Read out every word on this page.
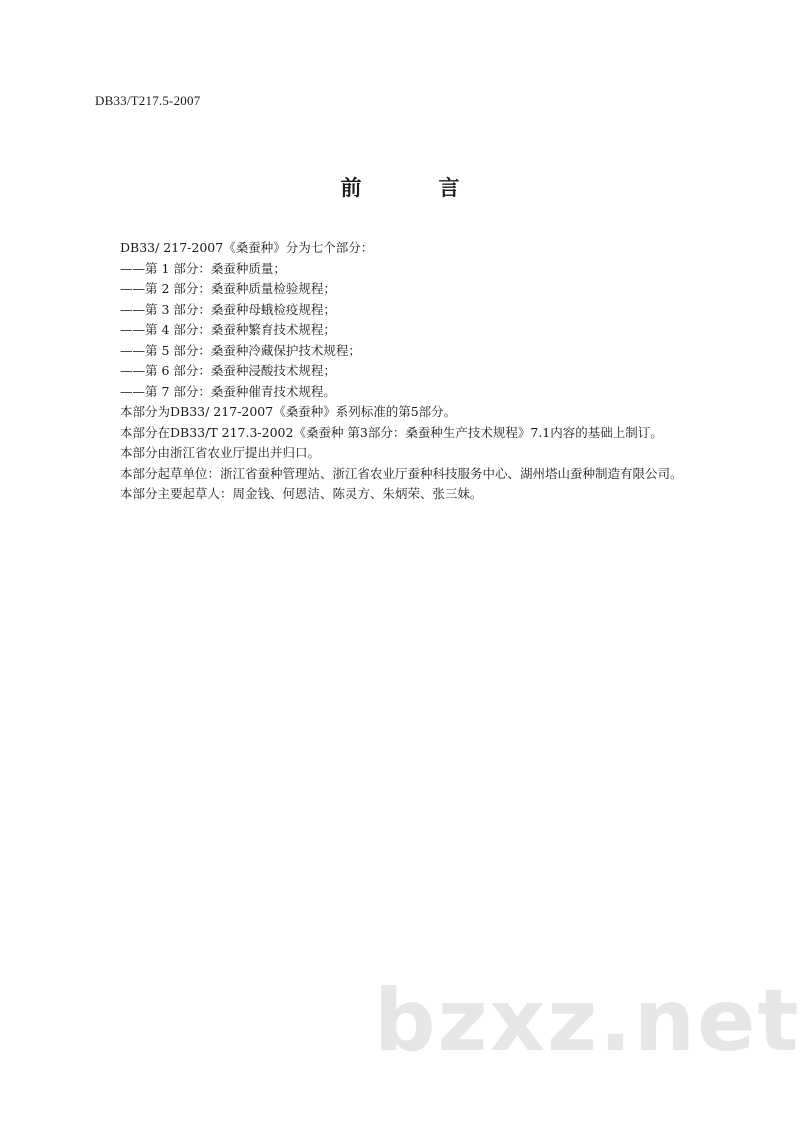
DB33/T217.5-2007
前　言

DB33/ 217-2007《桑蚕种》分为七个部分：

——第 1 部分：桑蚕种质量；

——第 2 部分：桑蚕种质量检验规程；

——第 3 部分：桑蚕种母蛾检疫规程；

——第 4 部分：桑蚕种繁育技术规程；

——第 5 部分：桑蚕种冷藏保护技术规程；

——第 6 部分：桑蚕种浸酸技术规程；

——第 7 部分：桑蚕种催青技术规程。

本部分为DB33/ 217-2007《桑蚕种》系列标准的第5部分。

本部分在DB33/T 217.3-2002《桑蚕种 第3部分：桑蚕种生产技术规程》7.1内容的基础上制订。

本部分由浙江省农业厅提出并归口。

本部分起草单位：浙江省蚕种管理站、浙江省农业厅蚕种科技服务中心、湖州塔山蚕种制造有限公司。

本部分主要起草人：周金钱、何恩洁、陈灵方、朱炳荣、张三妹。

bzxz.net
